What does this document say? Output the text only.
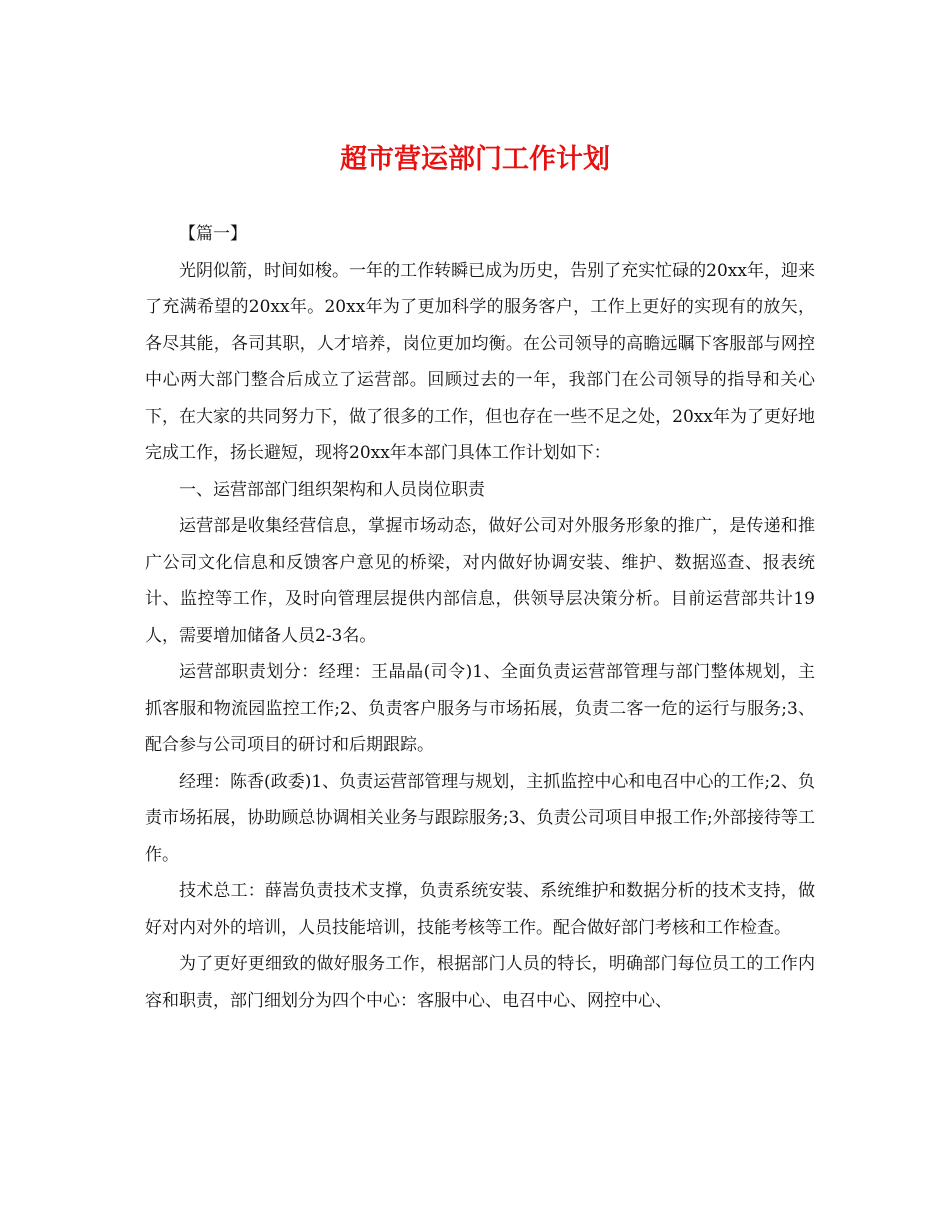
超市营运部门工作计划

【篇一】

光阴似箭，时间如梭。一年的工作转瞬已成为历史，告别了充实忙碌的20xx年，迎来了充满希望的20xx年。20xx年为了更加科学的服务客户，工作上更好的实现有的放矢，各尽其能，各司其职，人才培养，岗位更加均衡。在公司领导的高瞻远瞩下客服部与网控中心两大部门整合后成立了运营部。回顾过去的一年，我部门在公司领导的指导和关心下，在大家的共同努力下，做了很多的工作，但也存在一些不足之处，20xx年为了更好地完成工作，扬长避短，现将20xx年本部门具体工作计划如下：

一、运营部部门组织架构和人员岗位职责

运营部是收集经营信息，掌握市场动态，做好公司对外服务形象的推广，是传递和推广公司文化信息和反馈客户意见的桥梁，对内做好协调安装、维护、数据巡查、报表统计、监控等工作，及时向管理层提供内部信息，供领导层决策分析。目前运营部共计19人，需要增加储备人员2-3名。

运营部职责划分：经理：王晶晶(司令)1、全面负责运营部管理与部门整体规划，主抓客服和物流园监控工作;2、负责客户服务与市场拓展，负责二客一危的运行与服务;3、配合参与公司项目的研讨和后期跟踪。

经理：陈香(政委)1、负责运营部管理与规划，主抓监控中心和电召中心的工作;2、负责市场拓展，协助顾总协调相关业务与跟踪服务;3、负责公司项目申报工作;外部接待等工作。

技术总工：薛嵩负责技术支撑，负责系统安装、系统维护和数据分析的技术支持，做好对内对外的培训，人员技能培训，技能考核等工作。配合做好部门考核和工作检查。

为了更好更细致的做好服务工作，根据部门人员的特长，明确部门每位员工的工作内容和职责，部门细划分为四个中心：客服中心、电召中心、网控中心、
